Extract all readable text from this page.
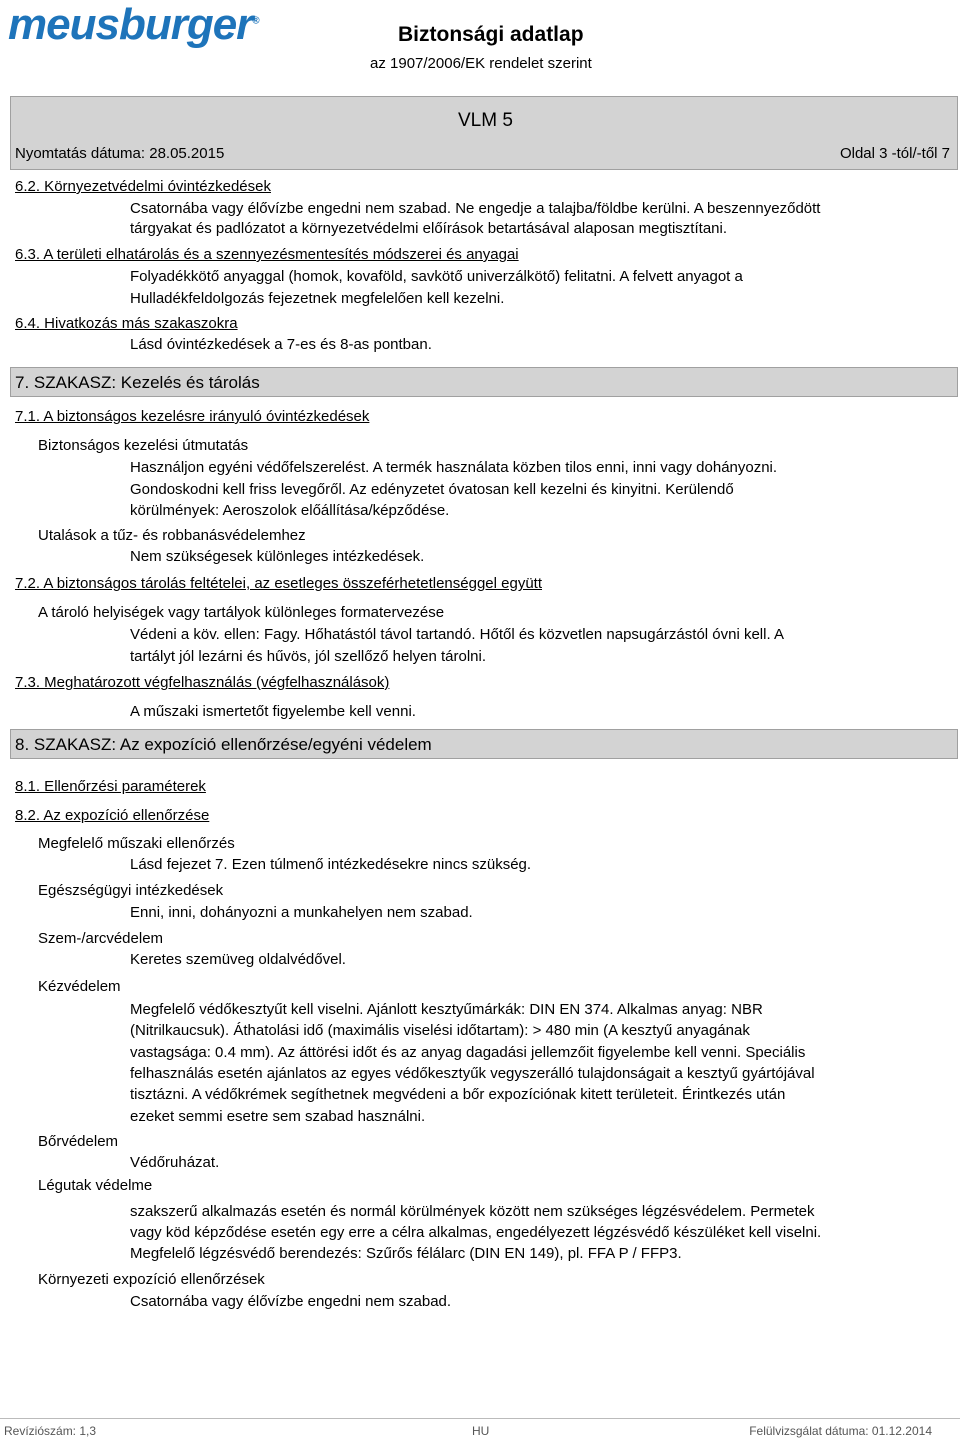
meusburger®
Biztonsági adatlap
az 1907/2006/EK rendelet szerint
VLM 5
Nyomtatás dátuma: 28.05.2015	Oldal 3 -tól/-től 7
6.2. Környezetvédelmi óvintézkedések
Csatornába vagy élővízbe engedni nem szabad. Ne engedje a talajba/földbe kerülni. A beszennyeződött
tárgyakat és padlózatot a környezetvédelmi előírások betartásával alaposan megtisztítani.
6.3. A területi elhatárolás és a szennyezésmentesítés módszerei és anyagai
Folyadékkötő anyaggal (homok, kovaföld, savkötő univerzálkötő) felitatni. A felvett anyagot a
Hulladékfeldolgozás fejezetnek megfelelően kell kezelni.
6.4. Hivatkozás más szakaszokra
Lásd óvintézkedések a 7-es és 8-as pontban.
7. SZAKASZ: Kezelés és tárolás
7.1. A biztonságos kezelésre irányuló óvintézkedések
Biztonságos kezelési útmutatás
Használjon egyéni védőfelszerelést. A termék használata közben tilos enni, inni vagy dohányozni.
Gondoskodni kell friss levegőről. Az edényzetet óvatosan kell kezelni és kinyitni. Kerülendő
körülmények: Aeroszolok előállítása/képződése.
Utalások a tűz- és robbanásvédelemhez
Nem szükségesek különleges intézkedések.
7.2. A biztonságos tárolás feltételei, az esetleges összeférhetetlenséggel együtt
A tároló helyiségek vagy tartályok különleges formatervezése
Védeni a köv. ellen: Fagy. Hőhatástól távol tartandó. Hőtől és közvetlen napsugárzástól óvni kell. A
tartályt jól lezárni és hűvös, jól szellőző helyen tárolni.
7.3. Meghatározott végfelhasználás (végfelhasználások)
A műszaki ismertetőt figyelembe kell venni.
8. SZAKASZ: Az expozíció ellenőrzése/egyéni védelem
8.1. Ellenőrzési paraméterek
8.2. Az expozíció ellenőrzése
Megfelelő műszaki ellenőrzés
Lásd fejezet 7. Ezen túlmenő intézkedésekre nincs szükség.
Egészségügyi intézkedések
Enni, inni, dohányozni a munkahelyen nem szabad.
Szem-/arcvédelem
Keretes szemüveg oldalvédővel.
Kézvédelem
Megfelelő védőkesztyűt kell viselni. Ajánlott kesztyűmárkák: DIN EN 374. Alkalmas anyag: NBR
(Nitrilkaucsuk). Áthatolási idő (maximális viselési időtartam): > 480 min (A kesztyű anyagának
vastagsága: 0.4 mm). Az áttörési időt és az anyag dagadási jellemzőit figyelembe kell venni. Speciális
felhasználás esetén ajánlatos az egyes védőkesztyűk vegyszerálló tulajdonságait a kesztyű gyártójával
tisztázni. A védőkrémek segíthetnek megvédeni a bőr expozíciónak kitett területeit. Érintkezés után
ezeket semmi esetre sem szabad használni.
Bőrvédelem
Védőruházat.
Légutak védelme
szakszerű alkalmazás esetén és normál körülmények között nem szükséges légzésvédelem. Permetek
vagy köd képződése esetén egy erre a célra alkalmas, engedélyezett légzésvédő készüléket kell viselni.
Megfelelő légzésvédő berendezés: Szűrős félálarc (DIN EN 149), pl. FFA P / FFP3.
Környezeti expozíció ellenőrzések
Csatornába vagy élővízbe engedni nem szabad.
Revíziószám: 1,3	HU	Felülvizsgálat dátuma: 01.12.2014
